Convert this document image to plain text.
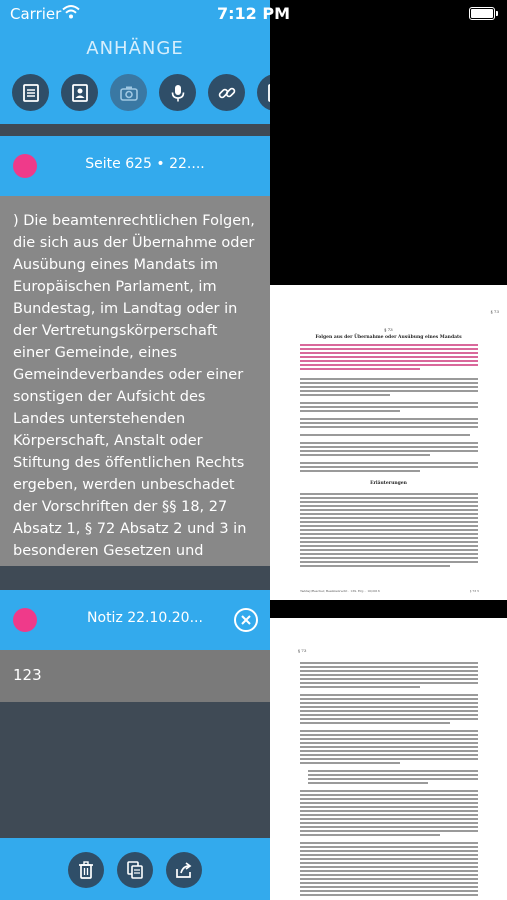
ANHÄNGE
Seite 625 • 22....

) Die beamtenrechtlichen Folgen, die sich aus der Übernahme oder Ausübung eines Mandats im Europäischen Parlament, im Bundestag, im Landtag oder in der Vertretungskörperschaft einer Gemeinde, eines Gemeindeverbandes oder einer sonstigen der Aufsicht des Landes unterstehenden Körperschaft, Anstalt oder Stiftung des öffentlichen Rechts ergeben, werden unbeschadet der Vorschriften der §§ 18, 27 Absatz 1, § 72 Absatz 2 und 3 in besonderen Gesetzen und

Notiz 22.10.20...

123

§ 73
§ 73
Folgen aus der Übernahme oder Ausübung eines Mandats
Erläuterungen
Tadday/Rescher, Beamtenrecht · 139. Erg. · 10/2016	§ 73 5
§ 73
Carrier	7:12 PM
